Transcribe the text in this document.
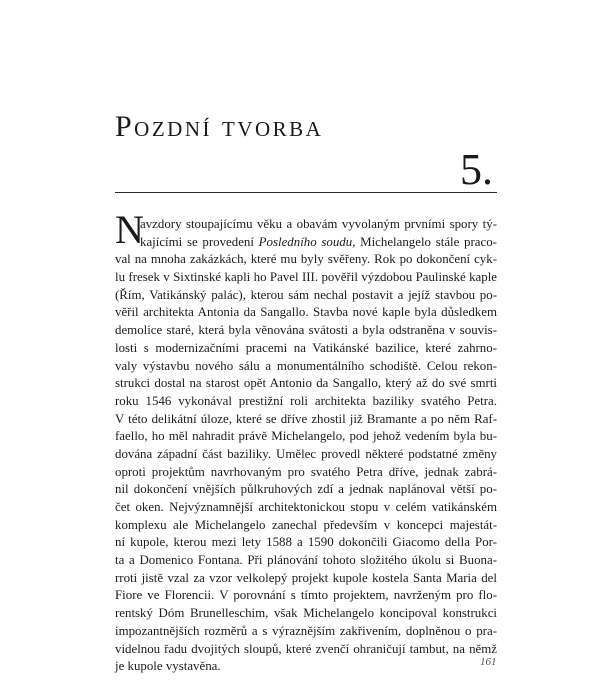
Pozdní tvorba
5.
N
avzdory stoupajícímu věku a obavám vyvolaným prvními spory tý-
kajícími se provedení Posledního soudu, Michelangelo stále praco-
val na mnoha zakázkách, které mu byly svěřeny. Rok po dokončení cyk-
lu fresek v Sixtinské kapli ho Pavel III. pověřil výzdobou Paulinské kaple
(Řím, Vatikánský palác), kterou sám nechal postavit a jejíž stavbou po-
věřil architekta Antonia da Sangallo. Stavba nové kaple byla důsledkem
demolice staré, která byla věnována svátosti a byla odstraněna v souvis-
losti s modernizačními pracemi na Vatikánské bazilice, které zahrno-
valy výstavbu nového sálu a monumentálního schodiště. Celou rekon-
strukci dostal na starost opět Antonio da Sangallo, který až do své smrti
roku 1546 vykonával prestižní roli architekta baziliky svatého Petra.
V této delikátní úloze, které se dříve zhostil již Bramante a po něm Raf-
faello, ho měl nahradit právě Michelangelo, pod jehož vedením byla bu-
dována západní část baziliky. Umělec provedl některé podstatné změny
oproti projektům navrhovaným pro svatého Petra dříve, jednak zabrá-
nil dokončení vnějších půlkruhových zdí a jednak naplánoval větší po-
čet oken. Nejvýznamnější architektonickou stopu v celém vatikánském
komplexu ale Michelangelo zanechal především v koncepci majestát-
ní kupole, kterou mezi lety 1588 a 1590 dokončili Giacomo della Por-
ta a Domenico Fontana. Při plánování tohoto složitého úkolu si Buona-
rroti jistě vzal za vzor velkolepý projekt kupole kostela Santa Maria del
Fiore ve Florencii. V porovnání s tímto projektem, navrženým pro flo-
rentský Dóm Brunelleschim, však Michelangelo koncipoval konstrukci
impozantnějších rozměrů a s výraznějším zakřivením, doplněnou o pra-
videlnou řadu dvojitých sloupů, které zvenčí ohraničují tambut, na němž
je kupole vystavěna.	161
